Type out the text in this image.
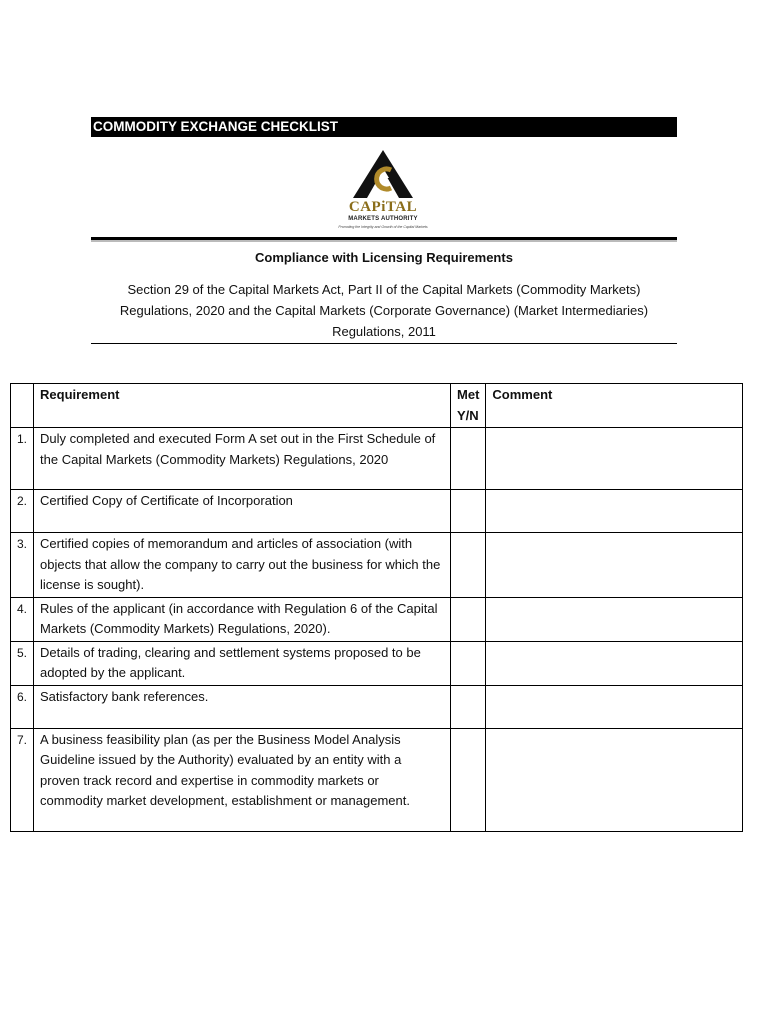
COMMODITY EXCHANGE CHECKLIST
CAPiTAL
MARKETS AUTHORITY
Promoting the Integrity and Growth of the Capital Markets
Compliance with Licensing Requirements
Section 29 of the Capital Markets Act, Part II of the Capital Markets (Commodity Markets) Regulations, 2020 and the Capital Markets (Corporate Governance) (Market Intermediaries) Regulations, 2011
	Requirement	Met Y/N	Comment
1.	Duly completed and executed Form A set out in the First Schedule of the Capital Markets (Commodity Markets) Regulations, 2020		
2.	Certified Copy of Certificate of Incorporation		
3.	Certified copies of memorandum and articles of association (with objects that allow the company to carry out the business for which the license is sought).		
4.	Rules of the applicant (in accordance with Regulation 6 of the Capital Markets (Commodity Markets) Regulations, 2020).		
5.	Details of trading, clearing and settlement systems proposed to be adopted by the applicant.		
6.	Satisfactory bank references.		
7.	A business feasibility plan (as per the Business Model Analysis Guideline issued by the Authority) evaluated by an entity with a proven track record and expertise in commodity markets or commodity market development, establishment or management.		
